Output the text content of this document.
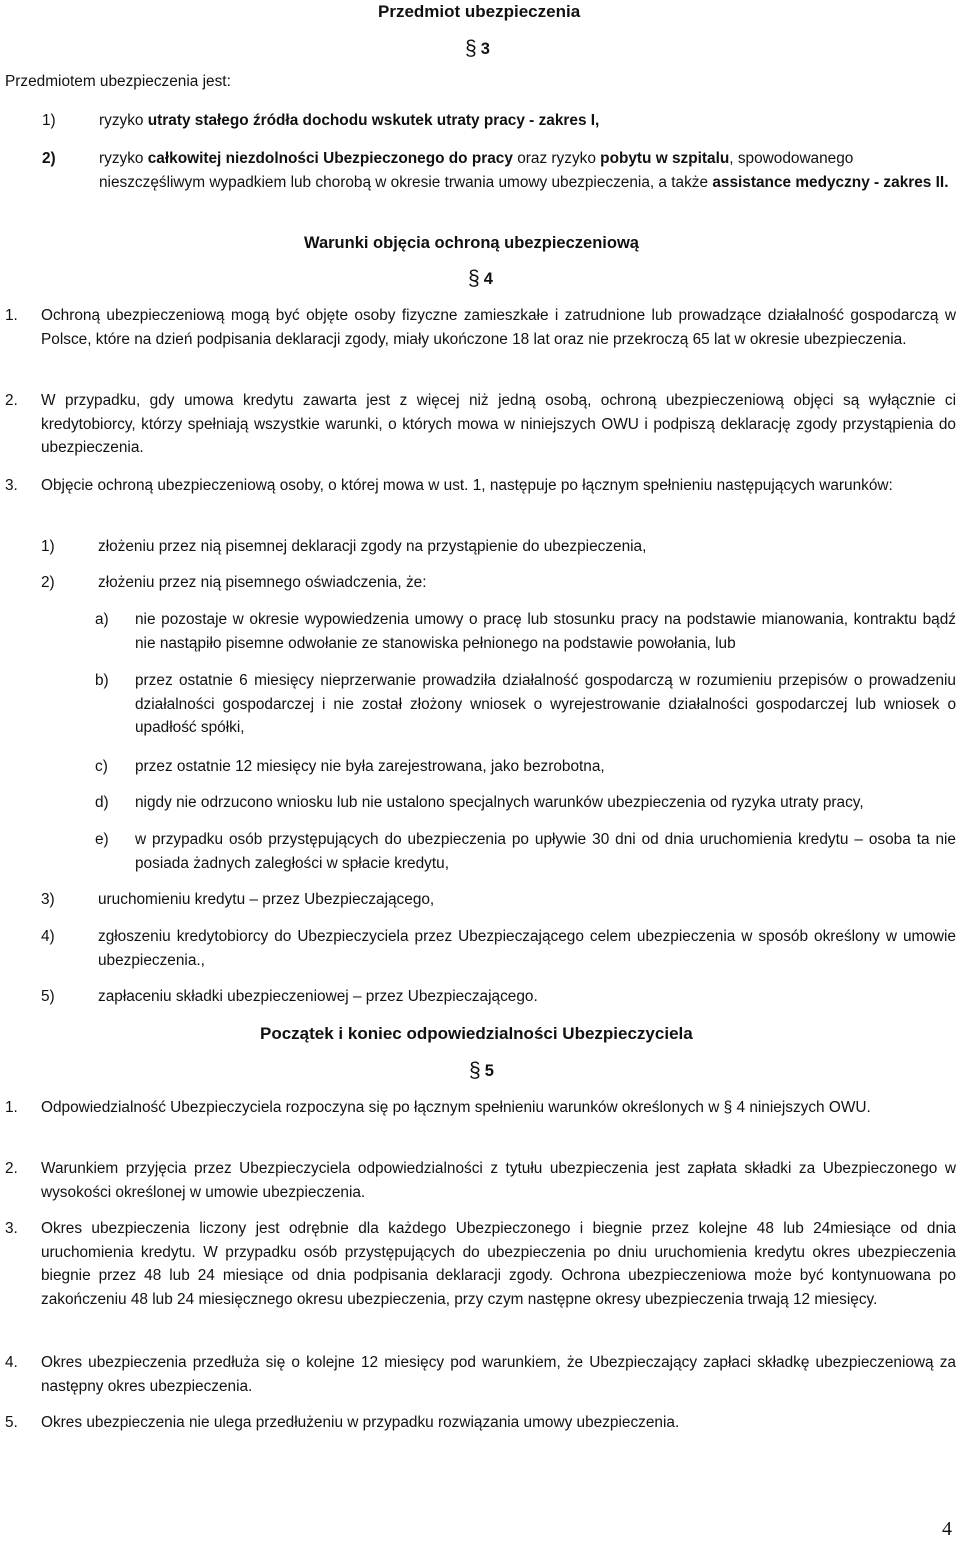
Przedmiot ubezpieczenia
§ 3
Przedmiotem ubezpieczenia jest:
1)	ryzyko utraty stałego źródła dochodu wskutek utraty pracy - zakres I,
2)	ryzyko całkowitej niezdolności Ubezpieczonego do pracy oraz ryzyko pobytu w szpitalu, spowodowanego nieszczęśliwym wypadkiem lub chorobą w okresie trwania umowy ubezpieczenia, a także assistance medyczny - zakres II.
Warunki objęcia ochroną ubezpieczeniową
§ 4
1.	Ochroną ubezpieczeniową mogą być objęte osoby fizyczne zamieszkałe i zatrudnione lub prowadzące działalność gospodarczą w Polsce, które na dzień podpisania deklaracji zgody, miały ukończone 18 lat oraz nie przekroczą 65 lat w okresie ubezpieczenia.
2.	W przypadku, gdy umowa kredytu zawarta jest z więcej niż jedną osobą, ochroną ubezpieczeniową objęci są wyłącznie ci kredytobiorcy, którzy spełniają wszystkie warunki, o których mowa w niniejszych OWU i podpiszą deklarację zgody przystąpienia do ubezpieczenia.
3.	Objęcie ochroną ubezpieczeniową osoby, o której mowa w ust. 1, następuje po łącznym spełnieniu następujących warunków:
1)	złożeniu przez nią pisemnej deklaracji zgody na przystąpienie do ubezpieczenia,
2)	złożeniu przez nią pisemnego oświadczenia, że:
a)	nie pozostaje w okresie wypowiedzenia umowy o pracę lub stosunku pracy na podstawie mianowania, kontraktu bądź nie nastąpiło pisemne odwołanie ze stanowiska pełnionego na podstawie powołania, lub
b)	przez ostatnie 6 miesięcy nieprzerwanie prowadziła działalność gospodarczą w rozumieniu przepisów o prowadzeniu działalności gospodarczej i nie został złożony wniosek o wyrejestrowanie działalności gospodarczej lub wniosek o upadłość spółki,
c)	przez ostatnie 12 miesięcy nie była zarejestrowana, jako bezrobotna,
d)	nigdy nie odrzucono wniosku lub nie ustalono specjalnych warunków ubezpieczenia od ryzyka utraty pracy,
e)	w przypadku osób przystępujących do ubezpieczenia po upływie 30 dni od dnia uruchomienia kredytu – osoba ta nie posiada żadnych zaległości w spłacie kredytu,
3)	uruchomieniu kredytu – przez Ubezpieczającego,
4)	zgłoszeniu kredytobiorcy do Ubezpieczyciela przez Ubezpieczającego celem ubezpieczenia w sposób określony w umowie ubezpieczenia.,
5)	zapłaceniu składki ubezpieczeniowej – przez Ubezpieczającego.
Początek i koniec odpowiedzialności Ubezpieczyciela
§ 5
1.	Odpowiedzialność Ubezpieczyciela rozpoczyna się po łącznym spełnieniu warunków określonych w § 4 niniejszych OWU.
2.	Warunkiem przyjęcia przez Ubezpieczyciela odpowiedzialności z tytułu ubezpieczenia jest zapłata składki za Ubezpieczonego w wysokości określonej w umowie ubezpieczenia.
3.	Okres ubezpieczenia liczony jest odrębnie dla każdego Ubezpieczonego i biegnie przez kolejne 48 lub 24miesiące od dnia uruchomienia kredytu. W przypadku osób przystępujących do ubezpieczenia po dniu uruchomienia kredytu okres ubezpieczenia biegnie przez 48 lub 24 miesiące od dnia podpisania deklaracji zgody. Ochrona ubezpieczeniowa może być kontynuowana po zakończeniu 48 lub 24 miesięcznego okresu ubezpieczenia, przy czym następne okresy ubezpieczenia trwają 12 miesięcy.
4.	Okres ubezpieczenia przedłuża się o kolejne 12 miesięcy pod warunkiem, że Ubezpieczający zapłaci składkę ubezpieczeniową za następny okres ubezpieczenia.
5.	Okres ubezpieczenia nie ulega przedłużeniu w przypadku rozwiązania umowy ubezpieczenia.
4
